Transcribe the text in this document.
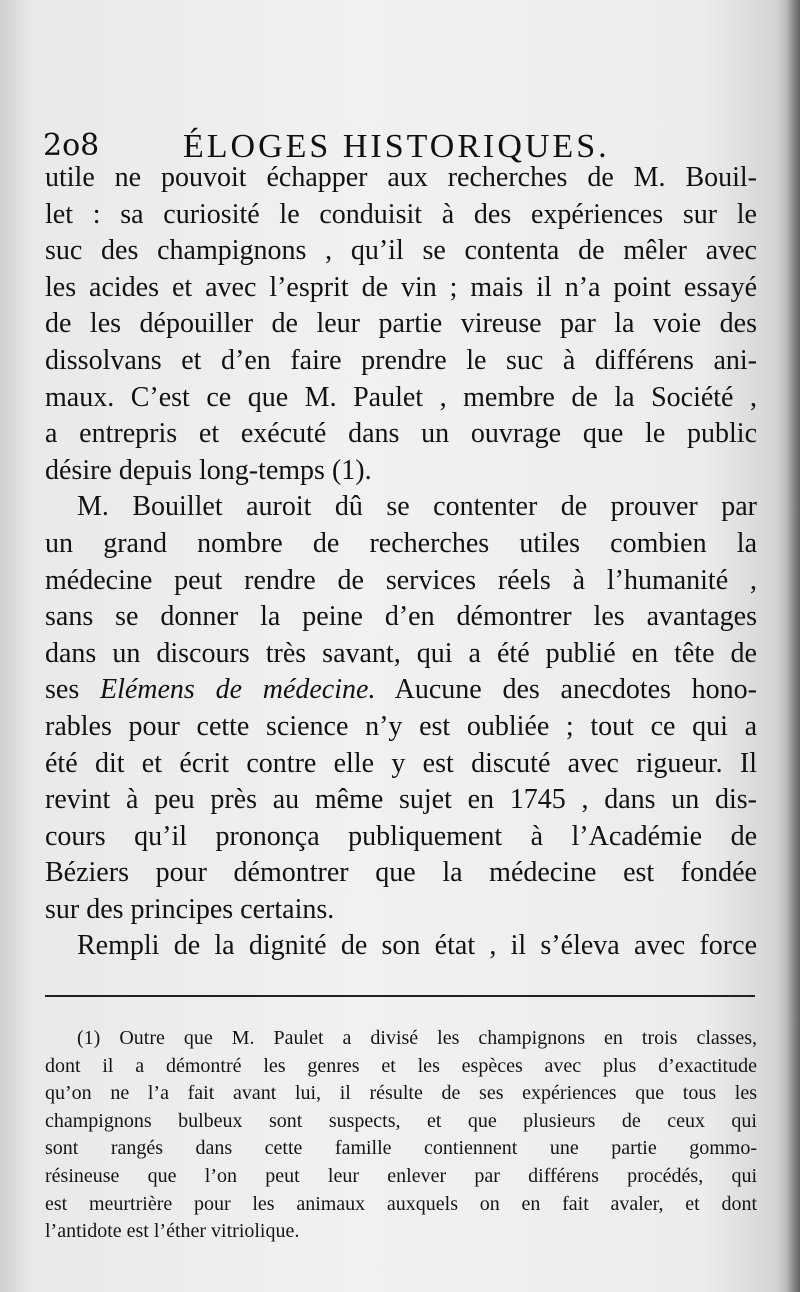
2o8 ÉLOGES HISTORIQUES.
utile ne pouvoit échapper aux recherches de M. Bouil-
let : sa curiosité le conduisit à des expériences sur le
suc des champignons , qu’il se contenta de mêler avec
les acides et avec l’esprit de vin ; mais il n’a point essayé
de les dépouiller de leur partie vireuse par la voie des
dissolvans et d’en faire prendre le suc à différens ani-
maux. C’est ce que M. Paulet , membre de la Société ,
a entrepris et exécuté dans un ouvrage que le public
désire depuis long-temps (1).
M. Bouillet auroit dû se contenter de prouver par
un grand nombre de recherches utiles combien la
médecine peut rendre de services réels à l’humanité ,
sans se donner la peine d’en démontrer les avantages
dans un discours très savant, qui a été publié en tête de
ses Elémens de médecine. Aucune des anecdotes hono-
rables pour cette science n’y est oubliée ; tout ce qui a
été dit et écrit contre elle y est discuté avec rigueur. Il
revint à peu près au même sujet en 1745 , dans un dis-
cours qu’il prononça publiquement à l’Académie de
Béziers pour démontrer que la médecine est fondée
sur des principes certains.
Rempli de la dignité de son état , il s’éleva avec force
(1) Outre que M. Paulet a divisé les champignons en trois classes,
dont il a démontré les genres et les espèces avec plus d’exactitude
qu’on ne l’a fait avant lui, il résulte de ses expériences que tous les
champignons bulbeux sont suspects, et que plusieurs de ceux qui
sont rangés dans cette famille contiennent une partie gommo-
résineuse que l’on peut leur enlever par différens procédés, qui
est meurtrière pour les animaux auxquels on en fait avaler, et dont
l’antidote est l’éther vitriolique.
